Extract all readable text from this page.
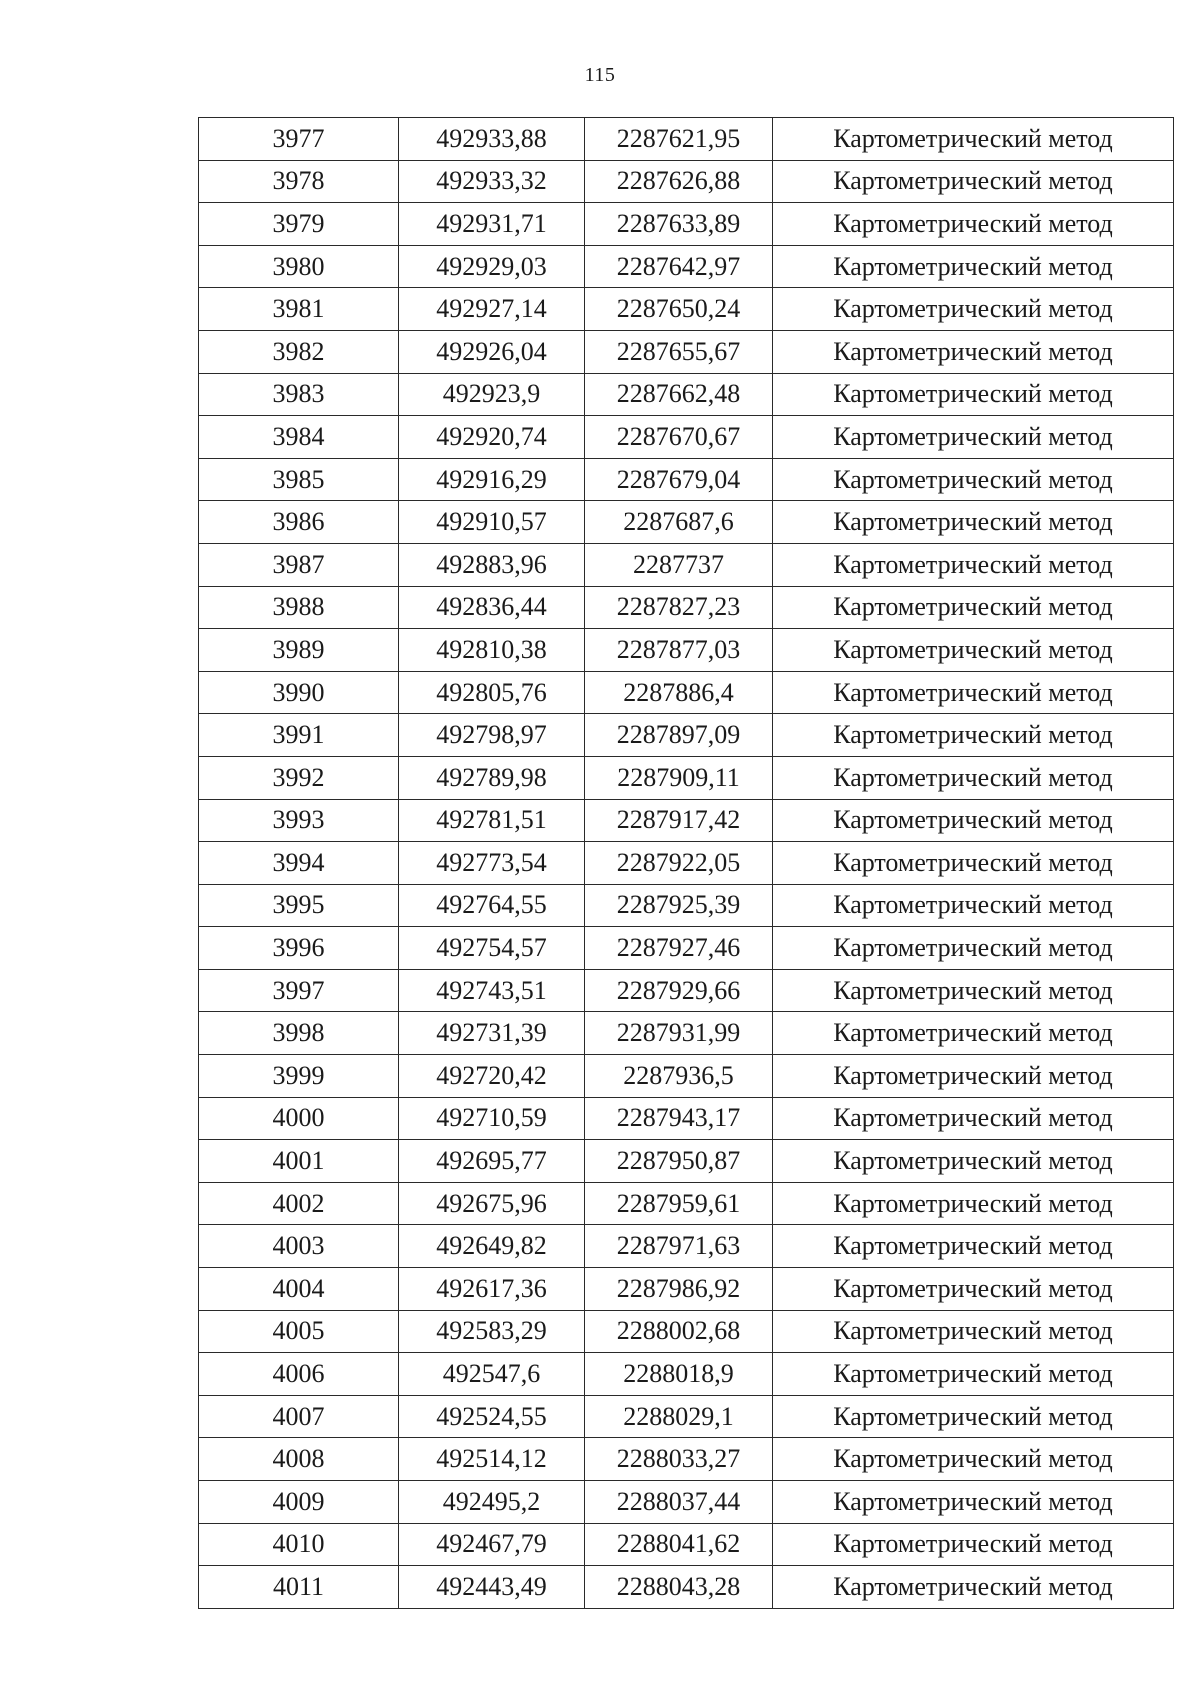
115
3977	492933,88	2287621,95	Картометрический метод
3978	492933,32	2287626,88	Картометрический метод
3979	492931,71	2287633,89	Картометрический метод
3980	492929,03	2287642,97	Картометрический метод
3981	492927,14	2287650,24	Картометрический метод
3982	492926,04	2287655,67	Картометрический метод
3983	492923,9	2287662,48	Картометрический метод
3984	492920,74	2287670,67	Картометрический метод
3985	492916,29	2287679,04	Картометрический метод
3986	492910,57	2287687,6	Картометрический метод
3987	492883,96	2287737	Картометрический метод
3988	492836,44	2287827,23	Картометрический метод
3989	492810,38	2287877,03	Картометрический метод
3990	492805,76	2287886,4	Картометрический метод
3991	492798,97	2287897,09	Картометрический метод
3992	492789,98	2287909,11	Картометрический метод
3993	492781,51	2287917,42	Картометрический метод
3994	492773,54	2287922,05	Картометрический метод
3995	492764,55	2287925,39	Картометрический метод
3996	492754,57	2287927,46	Картометрический метод
3997	492743,51	2287929,66	Картометрический метод
3998	492731,39	2287931,99	Картометрический метод
3999	492720,42	2287936,5	Картометрический метод
4000	492710,59	2287943,17	Картометрический метод
4001	492695,77	2287950,87	Картометрический метод
4002	492675,96	2287959,61	Картометрический метод
4003	492649,82	2287971,63	Картометрический метод
4004	492617,36	2287986,92	Картометрический метод
4005	492583,29	2288002,68	Картометрический метод
4006	492547,6	2288018,9	Картометрический метод
4007	492524,55	2288029,1	Картометрический метод
4008	492514,12	2288033,27	Картометрический метод
4009	492495,2	2288037,44	Картометрический метод
4010	492467,79	2288041,62	Картометрический метод
4011	492443,49	2288043,28	Картометрический метод
